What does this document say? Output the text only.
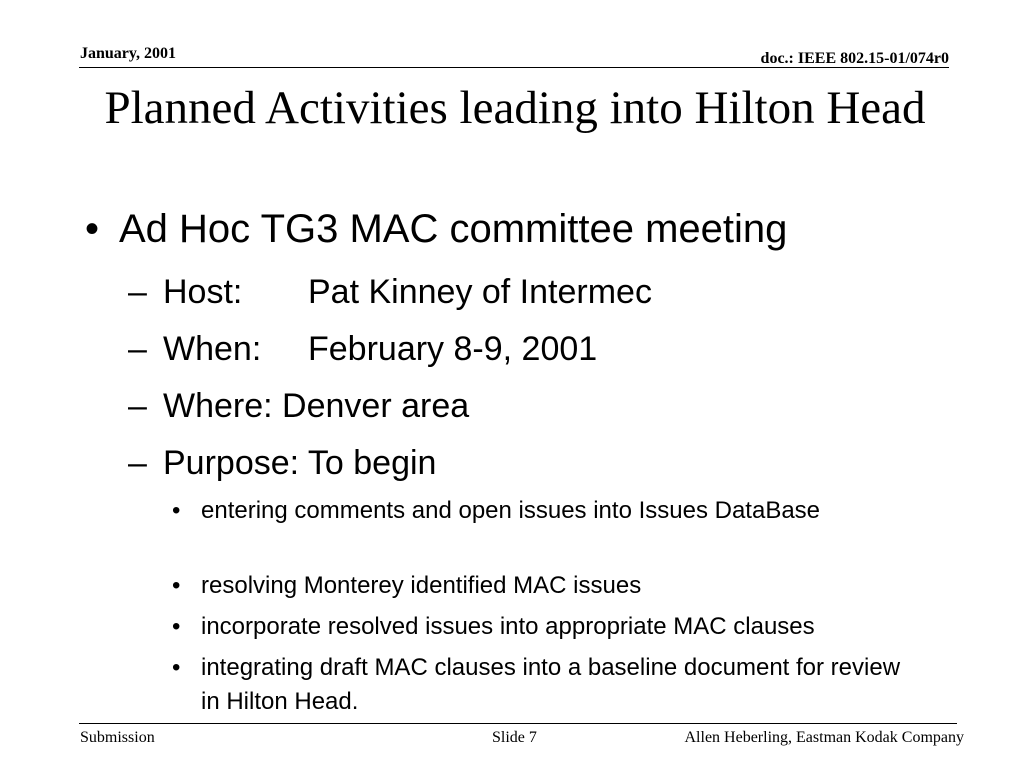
January, 2001	doc.: IEEE 802.15-01/074r0
Planned Activities leading into Hilton Head
• Ad Hoc TG3 MAC committee meeting
– Host: Pat Kinney of Intermec
– When: February 8-9, 2001
– Where: Denver area
– Purpose: To begin
• entering comments and open issues into Issues DataBase
• resolving Monterey identified MAC issues
• incorporate resolved issues into appropriate MAC clauses
• integrating draft MAC clauses into a baseline document for review in Hilton Head.
Submission	Slide 7	Allen Heberling, Eastman Kodak Company
